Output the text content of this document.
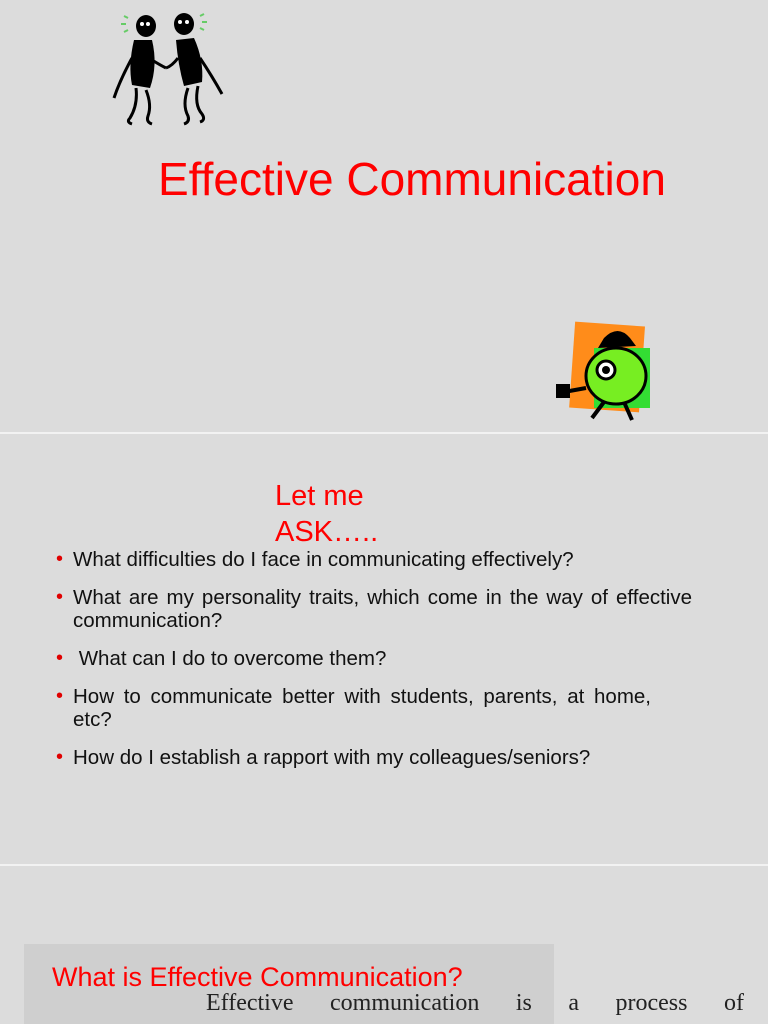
Effective Communication
Let me ASK…..
• What difficulties do I face in communicating effectively?
• What are my personality traits, which come in the way of effective communication?
• What can I do to overcome them?
• How to communicate better with students, parents, at home, etc?
• How do I establish a rapport with my colleagues/seniors?
What is Effective Communication?
Effective communication is a process of
